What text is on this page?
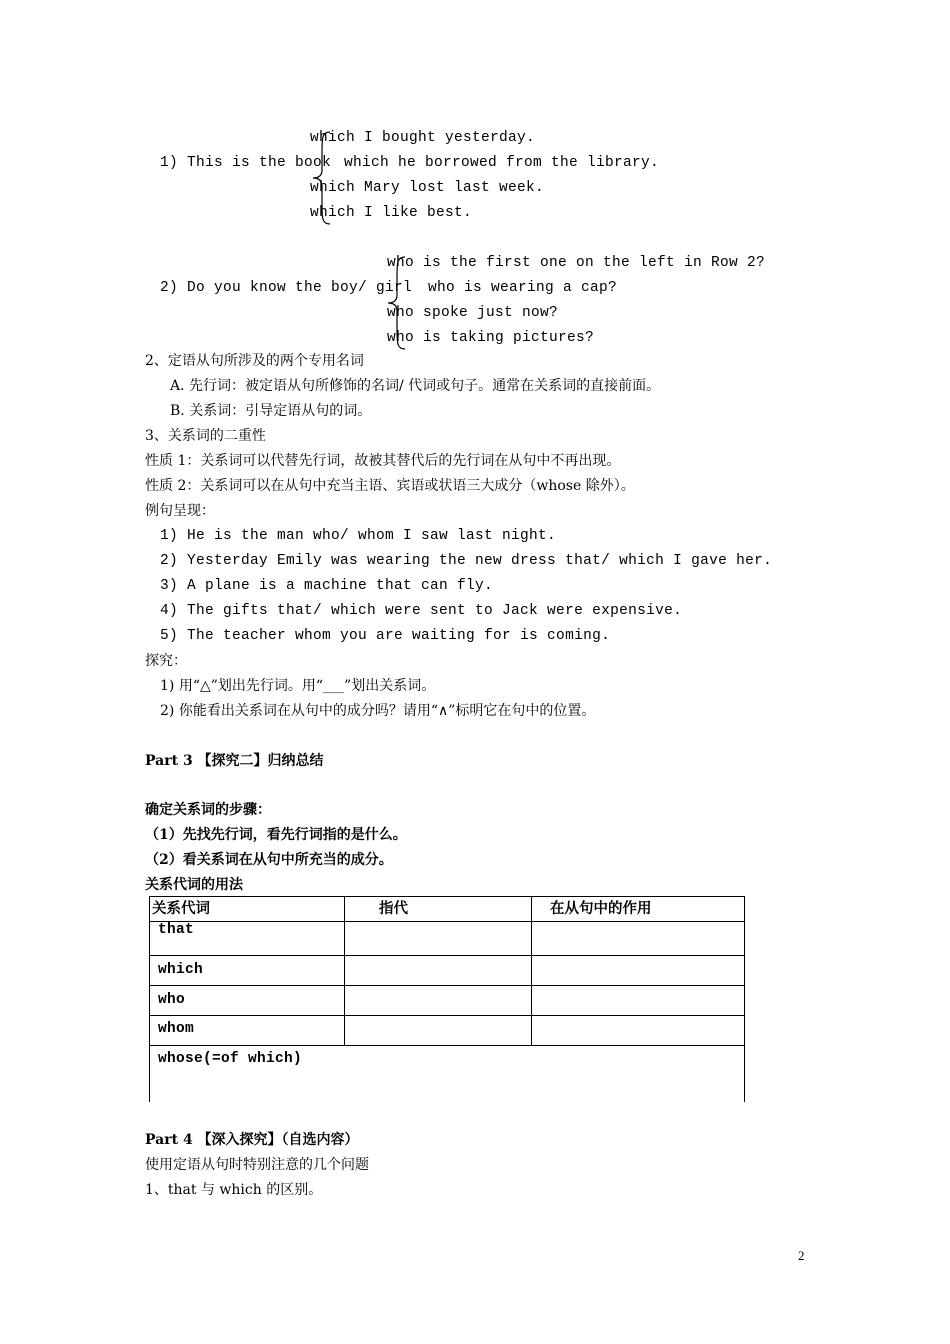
which I bought yesterday.
1) This is the book which he borrowed from the library.
which Mary lost last week.
which I like best.
who is the first one on the left in Row 2?
2) Do you know the boy/ girl who is wearing a cap?
who spoke just now?
who is taking pictures?
2、定语从句所涉及的两个专用名词
A. 先行词：被定语从句所修饰的名词/ 代词或句子。通常在关系词的直接前面。
B. 关系词：引导定语从句的词。
3、关系词的二重性
性质 1：关系词可以代替先行词，故被其替代后的先行词在从句中不再出现。
性质 2：关系词可以在从句中充当主语、宾语或状语三大成分（whose 除外）。
例句呈现：
1) He is the man who/ whom I saw last night.
2) Yesterday Emily was wearing the new dress that/ which I gave her.
3) A plane is a machine that can fly.
4) The gifts that/ which were sent to Jack were expensive.
5) The teacher whom you are waiting for is coming.
探究：
1) 用“△”划出先行词。用“___”划出关系词。
2) 你能看出关系词在从句中的成分吗？请用“∧”标明它在句中的位置。
Part 3 【探究二】归纳总结
确定关系词的步骤：
（1）先找先行词，看先行词指的是什么。
（2）看关系词在从句中所充当的成分。
关系代词的用法
关系代词	指代	在从句中的作用
that		
which		
who		
whom		
whose(=of which)		
Part 4 【深入探究】（自选内容）
使用定语从句时特别注意的几个问题
1、that 与 which 的区别。
2
